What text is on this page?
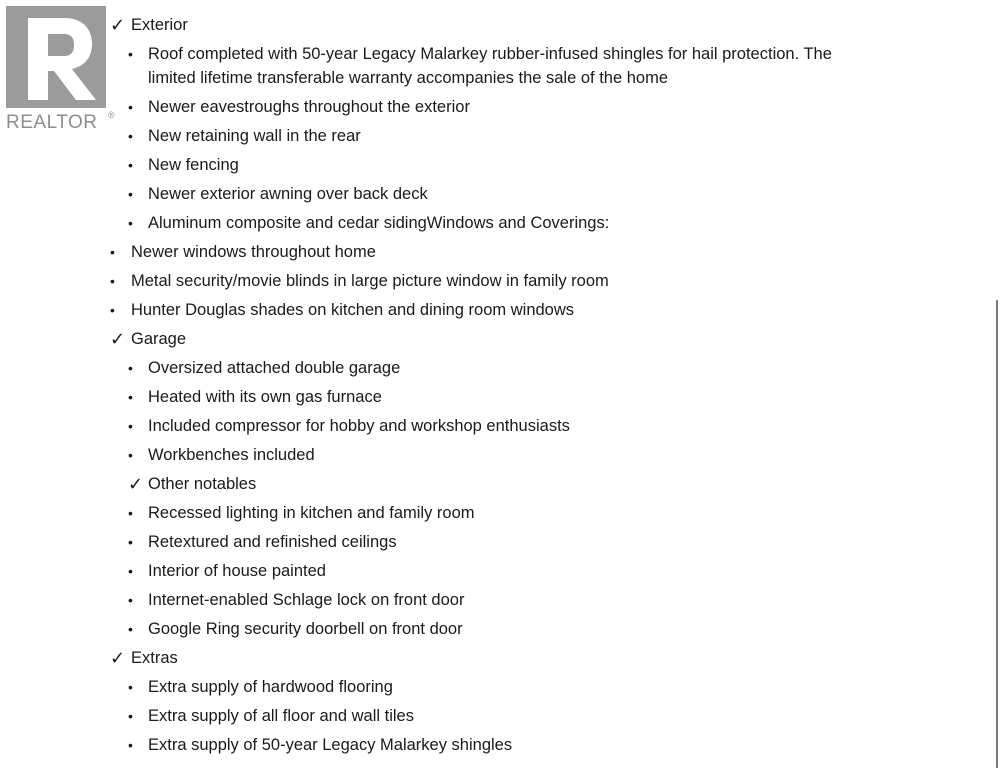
REALTOR ®
✓ Exterior
• Roof completed with 50-year Legacy Malarkey rubber-infused shingles for hail protection. The
limited lifetime transferable warranty accompanies the sale of the home
• Newer eavestroughs throughout the exterior
• New retaining wall in the rear
• New fencing
• Newer exterior awning over back deck
• Aluminum composite and cedar sidingWindows and Coverings:
• Newer windows throughout home
• Metal security/movie blinds in large picture window in family room
• Hunter Douglas shades on kitchen and dining room windows
✓ Garage
• Oversized attached double garage
• Heated with its own gas furnace
• Included compressor for hobby and workshop enthusiasts
• Workbenches included
✓ Other notables
• Recessed lighting in kitchen and family room
• Retextured and refinished ceilings
• Interior of house painted
• Internet-enabled Schlage lock on front door
• Google Ring security doorbell on front door
✓ Extras
• Extra supply of hardwood flooring
• Extra supply of all floor and wall tiles
• Extra supply of 50-year Legacy Malarkey shingles
